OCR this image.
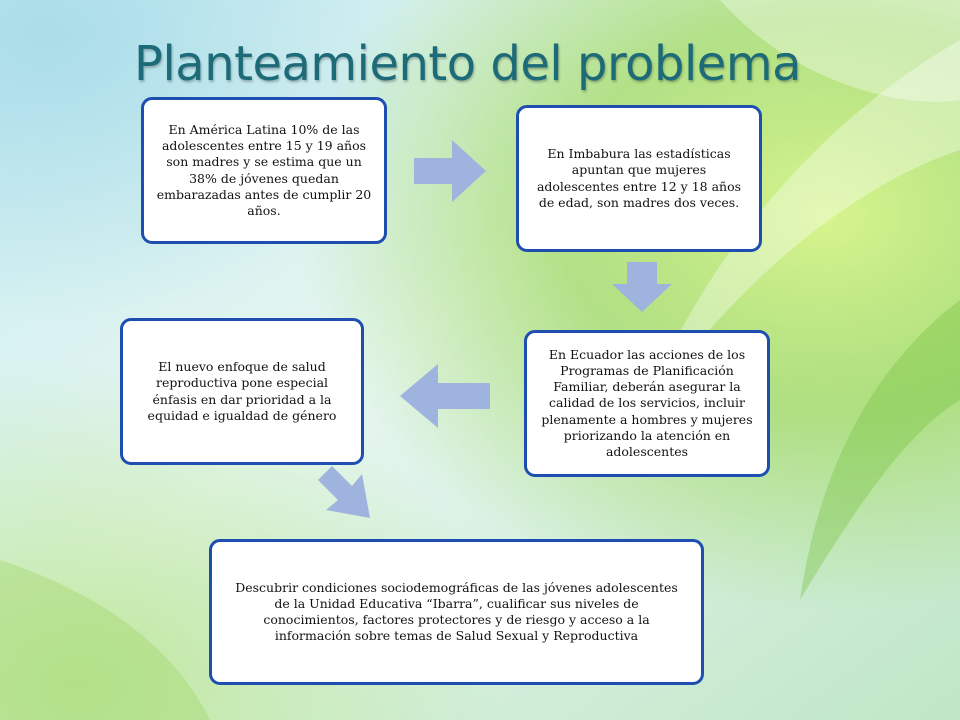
Planteamiento del problema
En América Latina 10% de las adolescentes entre 15 y 19 años son madres y se estima que un 38% de jóvenes quedan embarazadas antes de cumplir 20 años.
En Imbabura las estadísticas apuntan que mujeres adolescentes entre 12 y 18 años de edad, son madres dos veces.
En Ecuador las acciones de los Programas de Planificación Familiar, deberán asegurar la calidad de los servicios, incluir plenamente a hombres y mujeres priorizando la atención en adolescentes
El nuevo enfoque de salud reproductiva pone especial énfasis en dar prioridad a la equidad e igualdad de género
Descubrir condiciones sociodemográficas de las jóvenes adolescentes de la Unidad Educativa “Ibarra”, cualificar sus niveles de conocimientos, factores protectores y de riesgo y acceso a la información sobre temas de Salud Sexual y Reproductiva
